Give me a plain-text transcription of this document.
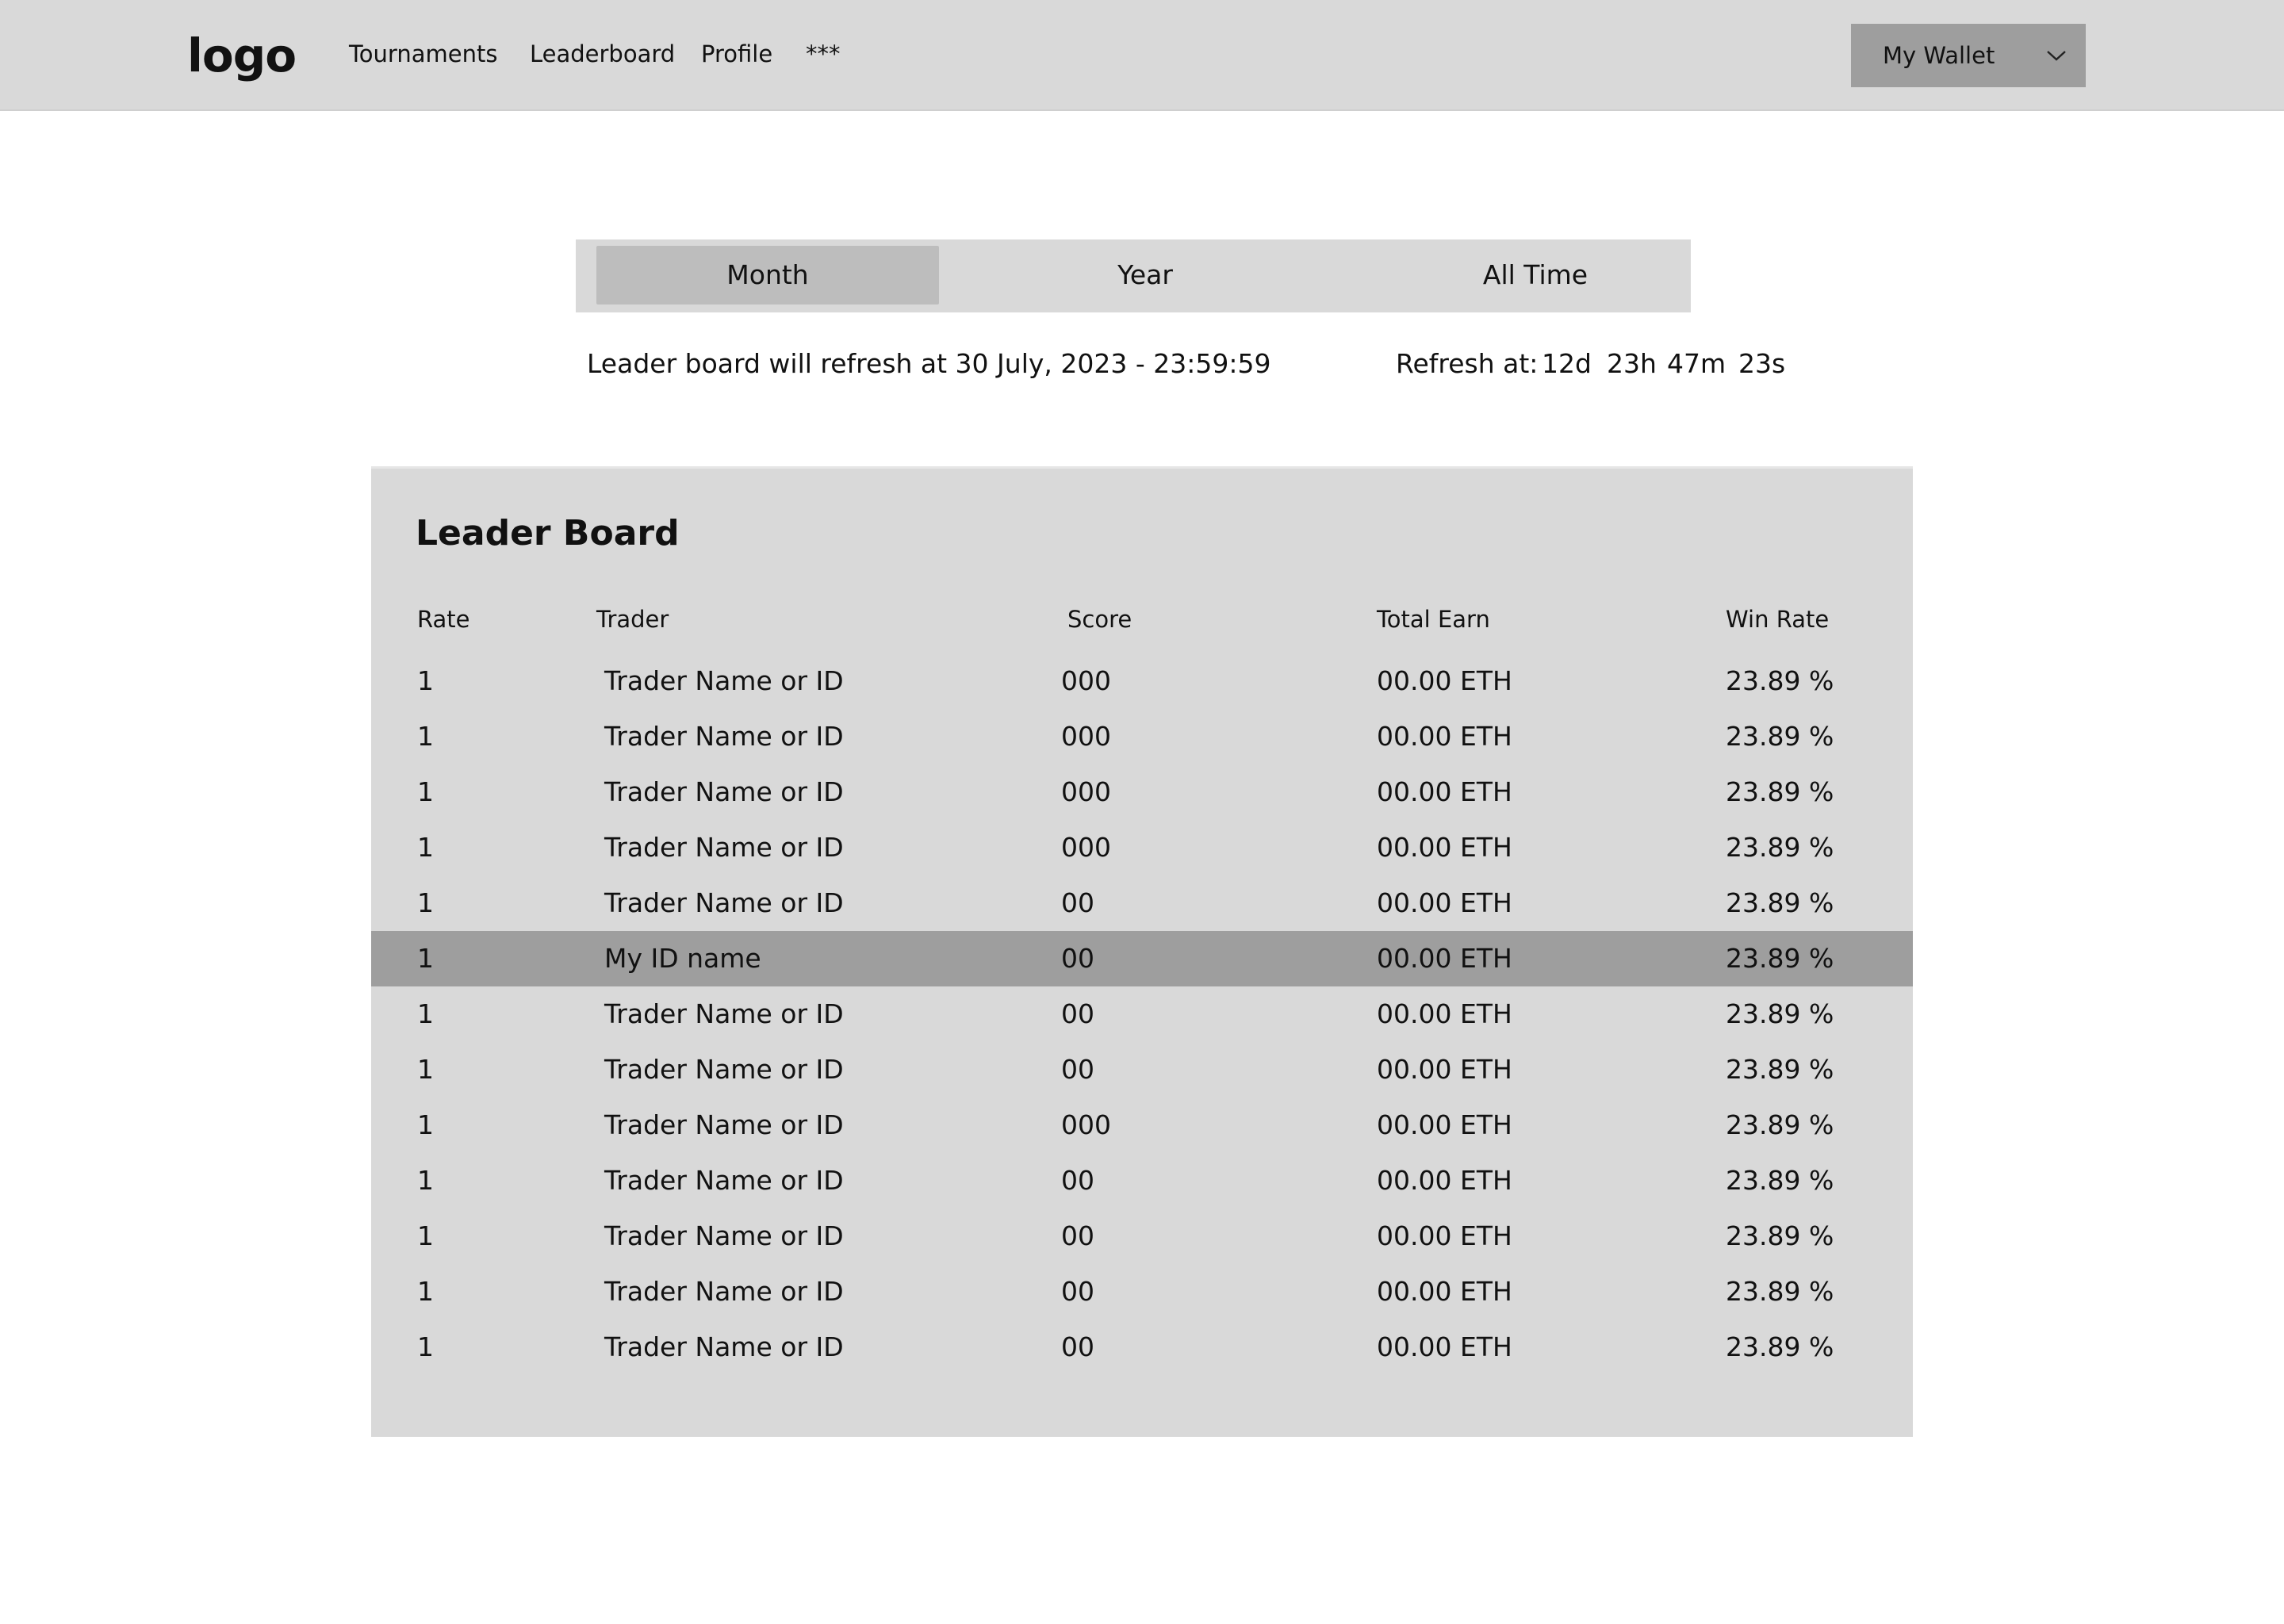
logo Tournaments Leaderboard Profile ***	My Wallet
Month	Year	All Time
Leader board will refresh at 30 July, 2023 - 23:59:59	Refresh at: 12d 23h 47m 23s
Leader Board
Rate	Trader	Score	Total Earn	Win Rate
1	Trader Name or ID	000	00.00 ETH	23.89 %
1	Trader Name or ID	000	00.00 ETH	23.89 %
1	Trader Name or ID	000	00.00 ETH	23.89 %
1	Trader Name or ID	000	00.00 ETH	23.89 %
1	Trader Name or ID	00	00.00 ETH	23.89 %
1	My ID name	00	00.00 ETH	23.89 %
1	Trader Name or ID	00	00.00 ETH	23.89 %
1	Trader Name or ID	00	00.00 ETH	23.89 %
1	Trader Name or ID	000	00.00 ETH	23.89 %
1	Trader Name or ID	00	00.00 ETH	23.89 %
1	Trader Name or ID	00	00.00 ETH	23.89 %
1	Trader Name or ID	00	00.00 ETH	23.89 %
1	Trader Name or ID	00	00.00 ETH	23.89 %
